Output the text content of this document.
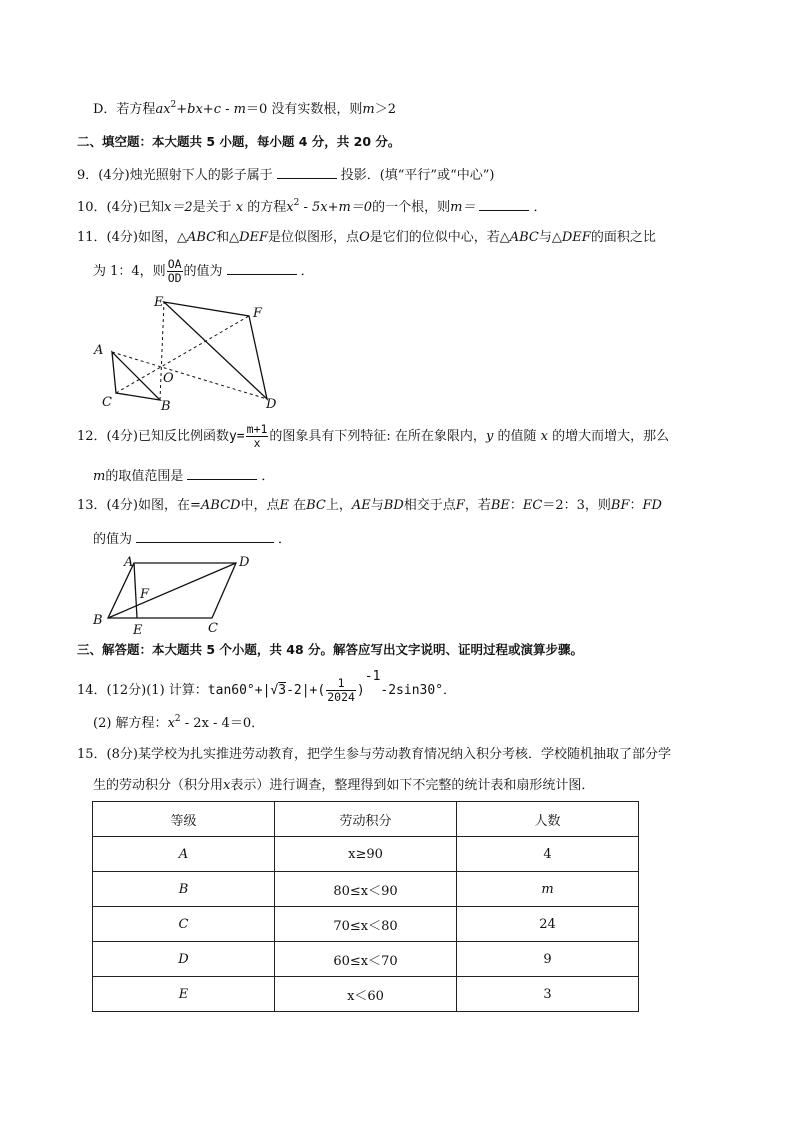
D．若方程$ax^2+bx+c - m=0$ 没有实数根，则m＞2
二、填空题：本大题共 5 小题，每小题 4 分，共 20 分。
9．(4分)烛光照射下人的影子属于	投影．(填“平行”或“中心”)
10．(4分)已知x＝2是关于 x 的方程$x^2 - 5x+m=0$的一个根，则m＝	．
11．(4分)如图，△ABC和△DEF是位似图形，点O是它们的位似中心，若△ABC与△DEF的面积之比
为 1：4，则 $\frac{OA}{OD}$ 的值为	．
E
F
A
O
C	B	D
12．(4分)已知反比例函数$y= \frac{m+1}{x}$ 的图象具有下列特征: 在所在象限内，y 的值随 x 的增大而增大，那么
m的取值范围是	．
13．(4分)如图，在=ABCD中，点E 在BC上，AE与BD相交于点F，若BE：EC＝2：3，则BF：FD
的值为	．
A	D
F
B
E	C
三、解答题：本大题共 5 个小题，共 48 分。解答应写出文字说明、证明过程或演算步骤。
14．(12分)(1) 计算：$\tan 60^\circ+|√3-2|+( \frac{1}{2024} )^{-1}-2\sin 30^\circ$．
(2) 解方程：$x^2 - 2x - 4=0$．
15．(8分)某学校为扎实推进劳动教育，把学生参与劳动教育情况纳入积分考核．学校随机抽取了部分学
生的劳动积分（积分用x表示）进行调查，整理得到如下不完整的统计表和扇形统计图．
等级	劳动积分	人数
A	x≥90	4
B	80≤x＜90	m
C	70≤x＜80	24
D	60≤x＜70	9
E	x＜60	3
